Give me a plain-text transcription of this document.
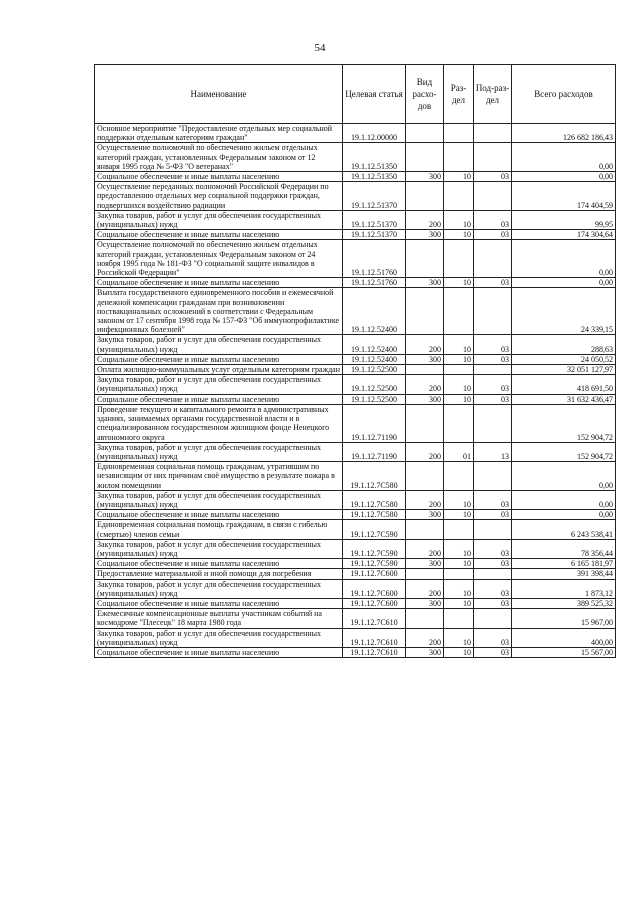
54
Наименование	Целевая статья	Вид расхо-дов	Раз-дел	Под-раз-дел	Всего расходов
Основное мероприятие "Предоставление отдельных мер социальной поддержки отдельным категориям граждан"	19.1.12.00000				126 682 186,43
Осуществление полномочий по обеспечению жильем отдельных категорий граждан, установленных Федеральным законом от 12 января 1995 года № 5-ФЗ "О ветеранах"	19.1.12.51350				0,00
Социальное обеспечение и иные выплаты населению	19.1.12.51350	300	10	03	0,00
Осуществление переданных полномочий Российской Федерации по предоставлению отдельных мер социальной поддержки граждан, подвергшихся воздействию радиации	19.1.12.51370				174 404,59
Закупка товаров, работ и услуг для обеспечения государственных (муниципальных) нужд	19.1.12.51370	200	10	03	99,95
Социальное обеспечение и иные выплаты населению	19.1.12.51370	300	10	03	174 304,64
Осуществление полномочий по обеспечению жильем отдельных категорий граждан, установленных Федеральным законом от 24 ноября 1995 года № 181-ФЗ "О социальной защите инвалидов в Российской Федерации"	19.1.12.51760				0,00
Социальное обеспечение и иные выплаты населению	19.1.12.51760	300	10	03	0,00
Выплата государственного единовременного пособия и ежемесячной денежной компенсации гражданам при возникновении поствакцинальных осложнений в соответствии с Федеральным законом от 17 сентября 1998 года № 157-ФЗ "Об иммунопрофилактике инфекционных болезней"	19.1.12.52400				24 339,15
Закупка товаров, работ и услуг для обеспечения государственных (муниципальных) нужд	19.1.12.52400	200	10	03	288,63
Социальное обеспечение и иные выплаты населению	19.1.12.52400	300	10	03	24 050,52
Оплата жилищно-коммунальных услуг отдельным категориям граждан	19.1.12.52500				32 051 127,97
Закупка товаров, работ и услуг для обеспечения государственных (муниципальных) нужд	19.1.12.52500	200	10	03	418 691,50
Социальное обеспечение и иные выплаты населению	19.1.12.52500	300	10	03	31 632 436,47
Проведение текущего и капитального ремонта в административных зданиях, занимаемых органами государственной власти и в специализированном государственном жилищном фонде Ненецкого автономного округа	19.1.12.71190				152 904,72
Закупка товаров, работ и услуг для обеспечения государственных (муниципальных) нужд	19.1.12.71190	200	01	13	152 904,72
Единовременная социальная помощь гражданам, утратившим по независящим от них причинам своё имущество в результате пожара в жилом помещении	19.1.12.7С580				0,00
Закупка товаров, работ и услуг для обеспечения государственных (муниципальных) нужд	19.1.12.7С580	200	10	03	0,00
Социальное обеспечение и иные выплаты населению	19.1.12.7С580	300	10	03	0,00
Единовременная социальная помощь гражданам, в связи с гибелью (смертью) членов семьи	19.1.12.7С590				6 243 538,41
Закупка товаров, работ и услуг для обеспечения государственных (муниципальных) нужд	19.1.12.7С590	200	10	03	78 356,44
Социальное обеспечение и иные выплаты населению	19.1.12.7С590	300	10	03	6 165 181,97
Предоставление материальной и иной помощи для погребения	19.1.12.7С600				391 398,44
Закупка товаров, работ и услуг для обеспечения государственных (муниципальных) нужд	19.1.12.7С600	200	10	03	1 873,12
Социальное обеспечение и иные выплаты населению	19.1.12.7С600	300	10	03	389 525,32
Ежемесячные компенсационные выплаты участникам событий на космодроме "Плесецк" 18 марта 1980 года	19.1.12.7С610				15 967,00
Закупка товаров, работ и услуг для обеспечения государственных (муниципальных) нужд	19.1.12.7С610	200	10	03	400,00
Социальное обеспечение и иные выплаты населению	19.1.12.7С610	300	10	03	15 567,00
